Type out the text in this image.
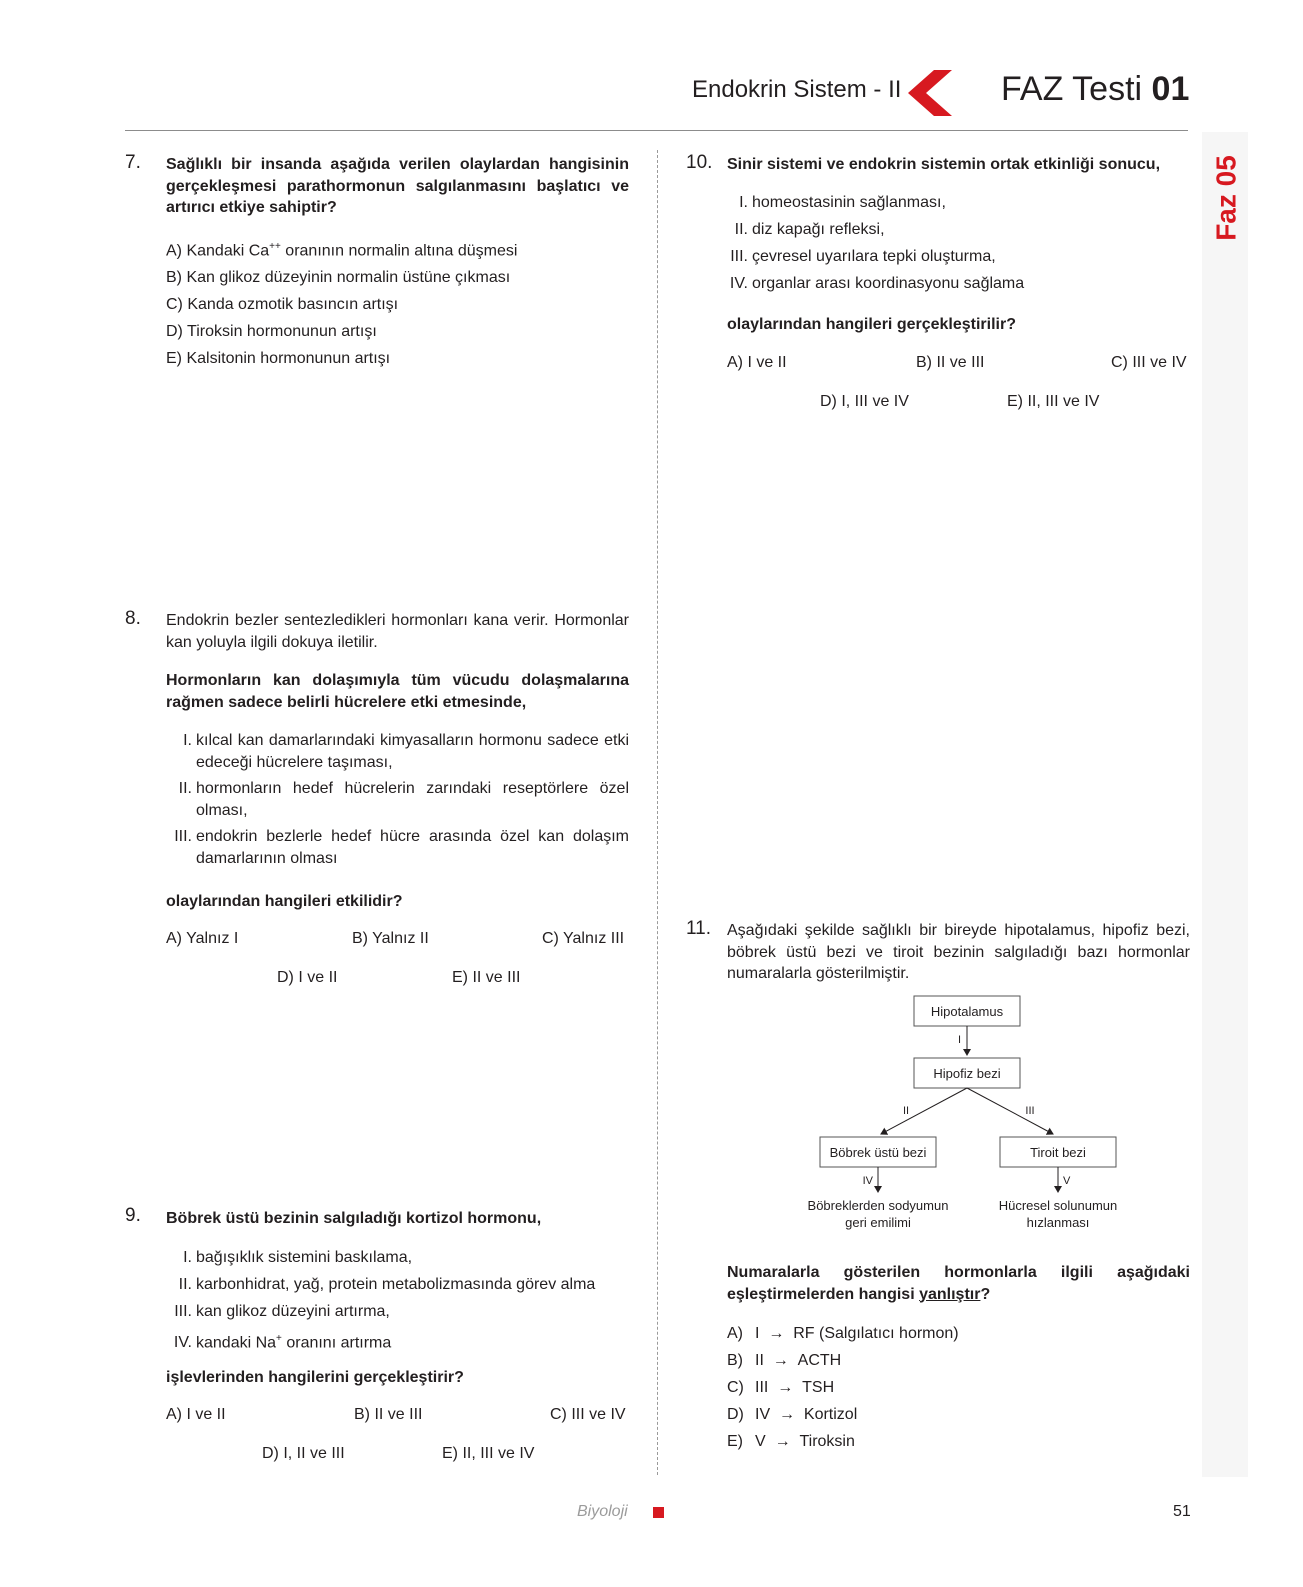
Endokrin Sistem - II	FAZ Testi 01
Faz 05
7. Sağlıklı bir insanda aşağıda verilen olaylardan hangisinin gerçekleşmesi parathormonun salgılanmasını başlatıcı ve artırıcı etkiye sahiptir?
A) Kandaki Ca++ oranının normalin altına düşmesi
B) Kan glikoz düzeyinin normalin üstüne çıkması
C) Kanda ozmotik basıncın artışı
D) Tiroksin hormonunun artışı
E) Kalsitonin hormonunun artışı
8. Endokrin bezler sentezledikleri hormonları kana verir. Hormonlar kan yoluyla ilgili dokuya iletilir.
Hormonların kan dolaşımıyla tüm vücudu dolaşmalarına rağmen sadece belirli hücrelere etki etmesinde,
I. kılcal kan damarlarındaki kimyasalların hormonu sadece etki edeceği hücrelere taşıması,
II. hormonların hedef hücrelerin zarındaki reseptörlere özel olması,
III. endokrin bezlerle hedef hücre arasında özel kan dolaşım damarlarının olması
olaylarından hangileri etkilidir?
A) Yalnız I	B) Yalnız II	C) Yalnız III
D) I ve II	E) II ve III
9. Böbrek üstü bezinin salgıladığı kortizol hormonu,
I. bağışıklık sistemini baskılama,
II. karbonhidrat, yağ, protein metabolizmasında görev alma
III. kan glikoz düzeyini artırma,
IV. kandaki Na+ oranını artırma
işlevlerinden hangilerini gerçekleştirir?
A) I ve II	B) II ve III	C) III ve IV
D) I, II ve III	E) II, III ve IV
10. Sinir sistemi ve endokrin sistemin ortak etkinliği sonucu,
I. homeostasinin sağlanması,
II. diz kapağı refleksi,
III. çevresel uyarılara tepki oluşturma,
IV. organlar arası koordinasyonu sağlama
olaylarından hangileri gerçekleştirilir?
A) I ve II	B) II ve III	C) III ve IV
D) I, III ve IV	E) II, III ve IV
11. Aşağıdaki şekilde sağlıklı bir bireyde hipotalamus, hipofiz bezi, böbrek üstü bezi ve tiroit bezinin salgıladığı bazı hormonlar numaralarla gösterilmiştir.
Hipotalamus
I
Hipofiz bezi
II	III
Böbrek üstü bezi	Tiroit bezi
IV	V
Böbreklerden sodyumun
geri emilimi
Hücresel solunumun
hızlanması
Numaralarla gösterilen hormonlarla ilgili aşağıdaki eşleştirmelerden hangisi yanlıştır?
A) I → RF (Salgılatıcı hormon)
B) II → ACTH
C) III → TSH
D) IV → Kortizol
E) V → Tiroksin
Biyoloji	51
